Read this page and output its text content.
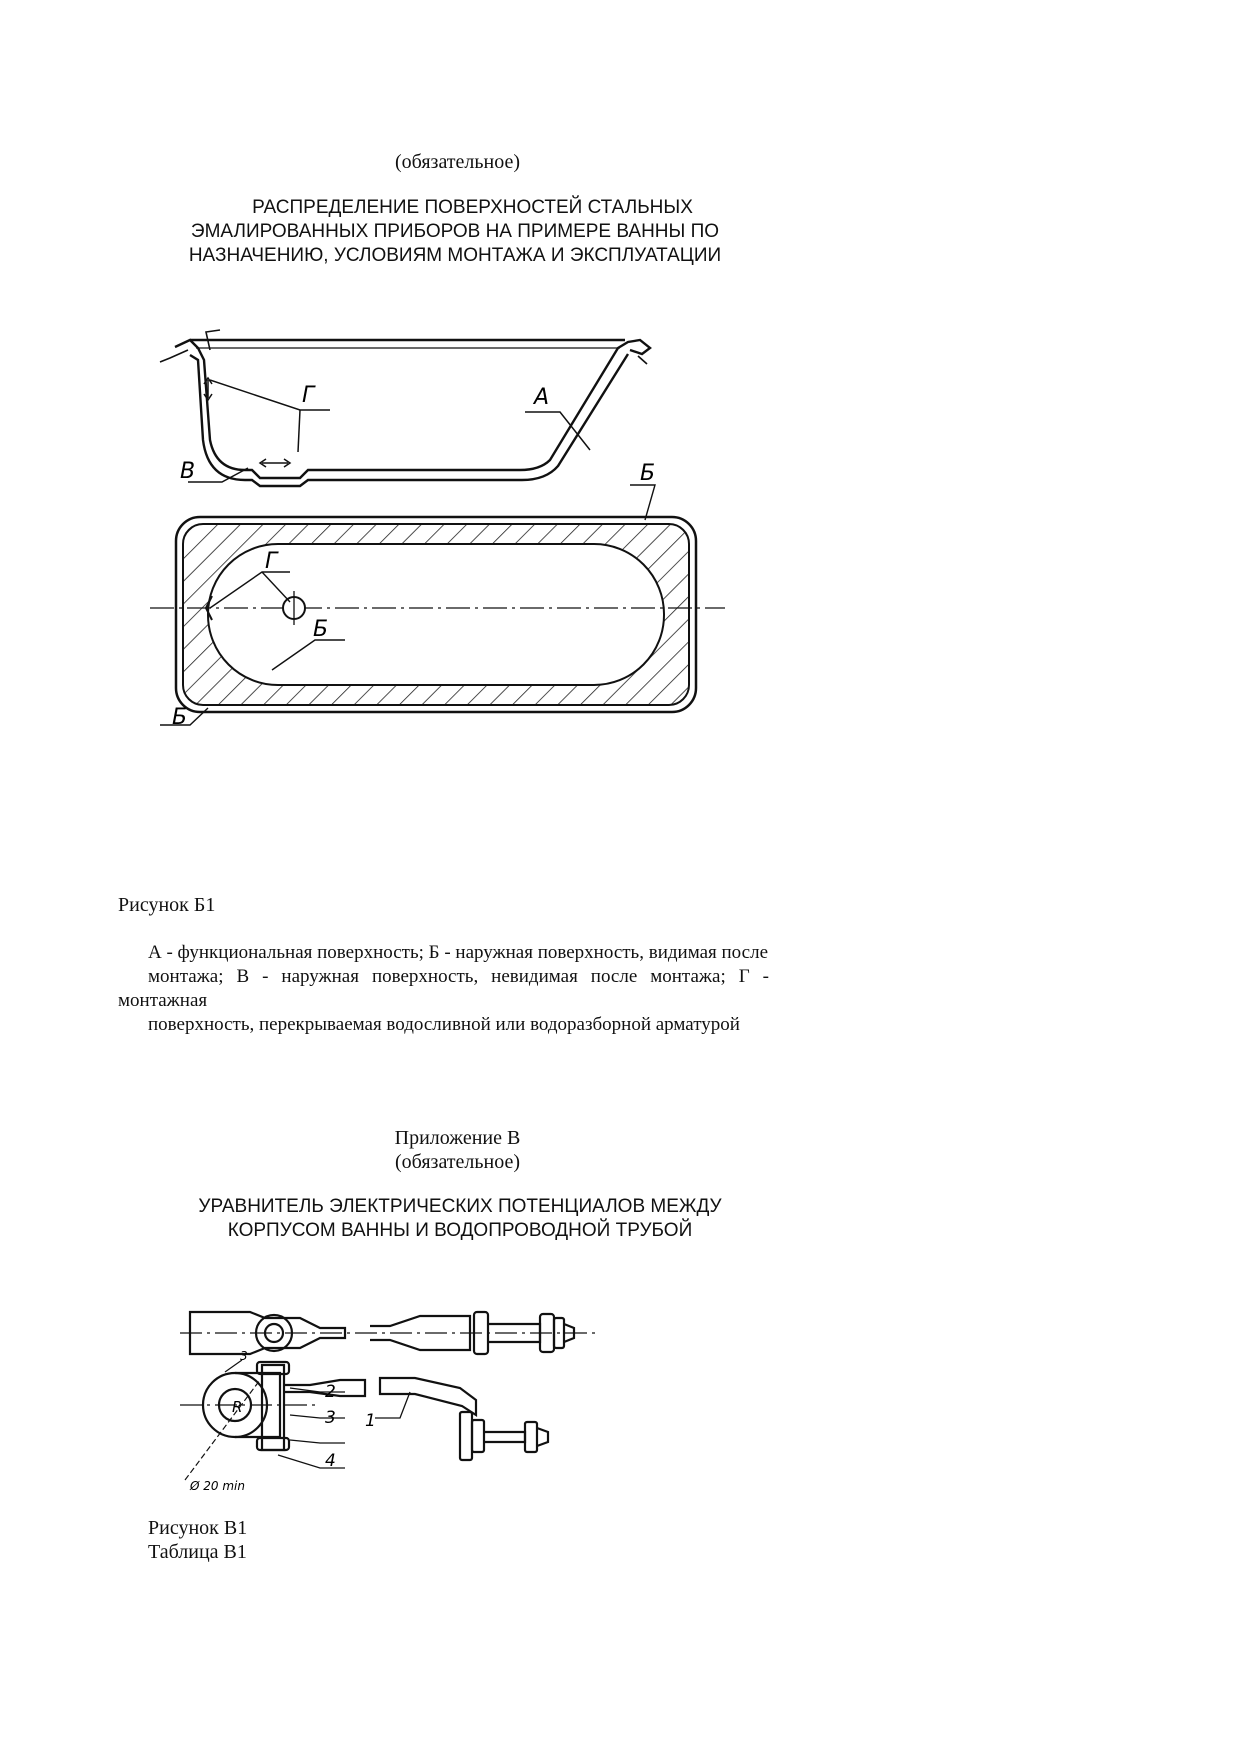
(обязательное)
РАСПРЕДЕЛЕНИЕ ПОВЕРХНОСТЕЙ СТАЛЬНЫХ
ЭМАЛИРОВАННЫХ ПРИБОРОВ НА ПРИМЕРЕ ВАННЫ ПО
НАЗНАЧЕНИЮ, УСЛОВИЯМ МОНТАЖА И ЭКСПЛУАТАЦИИ
Г	А
В
Г
Б
Б
Б
Рисунок Б1

А - функциональная поверхность; Б - наружная поверхность, видимая после

монтажа; В - наружная поверхность, невидимая после монтажа; Г - монтажная

поверхность, перекрываемая водосливной или водоразборной арматурой

Приложение В
(обязательное)
УРАВНИТЕЛЬ ЭЛЕКТРИЧЕСКИХ ПОТЕНЦИАЛОВ МЕЖДУ
КОРПУСОМ ВАННЫ И ВОДОПРОВОДНОЙ ТРУБОЙ
1
2
3
4
R
Ø 20 min
3
Рисунок В1
Таблица В1
